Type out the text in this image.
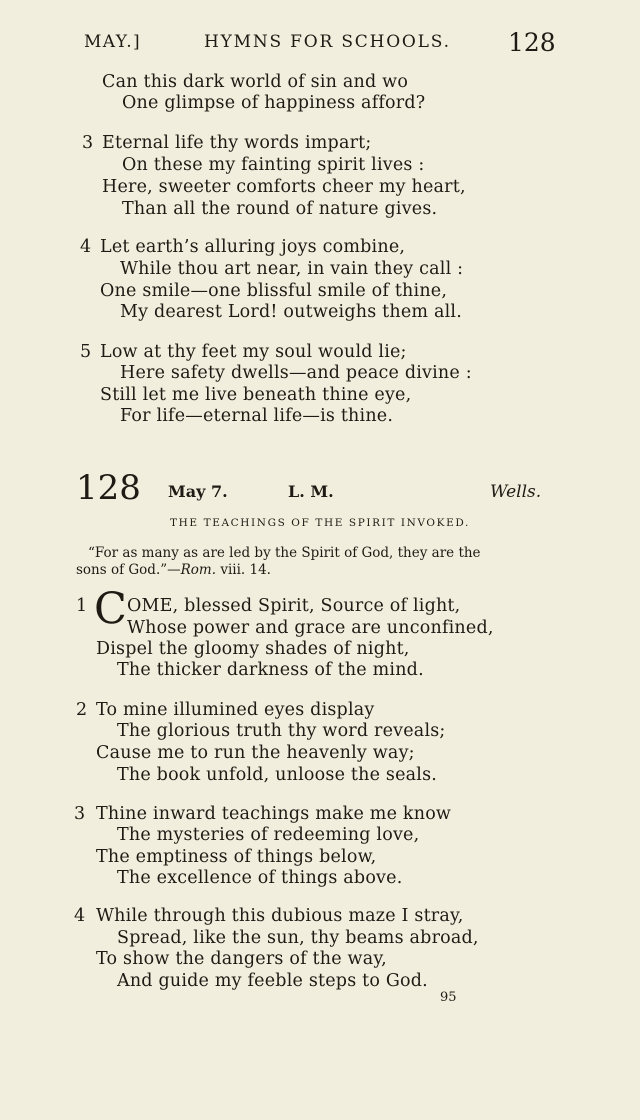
MAY.]	HYMNS FOR SCHOOLS. 128
Can this dark world of sin and wo
One glimpse of happiness afford?
3 Eternal life thy words impart;
On these my fainting spirit lives :
Here, sweeter comforts cheer my heart,
Than all the round of nature gives.
4 Let earth’s alluring joys combine,
While thou art near, in vain they call :
One smile—one blissful smile of thine,
My dearest Lord! outweighs them all.
5 Low at thy feet my soul would lie;
Here safety dwells—and peace divine :
Still let me live beneath thine eye,
For life—eternal life—is thine.
128 May 7.	L. M.	Wells.
THE TEACHINGS OF THE SPIRIT INVOKED.
“For as many as are led by the Spirit of God, they are the
sons of God.”—Rom. viii. 14.
1 C OME, blessed Spirit, Source of light,
Whose power and grace are unconfined,
Dispel the gloomy shades of night,
The thicker darkness of the mind.
2 To mine illumined eyes display
The glorious truth thy word reveals;
Cause me to run the heavenly way;
The book unfold, unloose the seals.
3 Thine inward teachings make me know
The mysteries of redeeming love,
The emptiness of things below,
The excellence of things above.
4 While through this dubious maze I stray,
Spread, like the sun, thy beams abroad,
To show the dangers of the way,
And guide my feeble steps to God.
95
